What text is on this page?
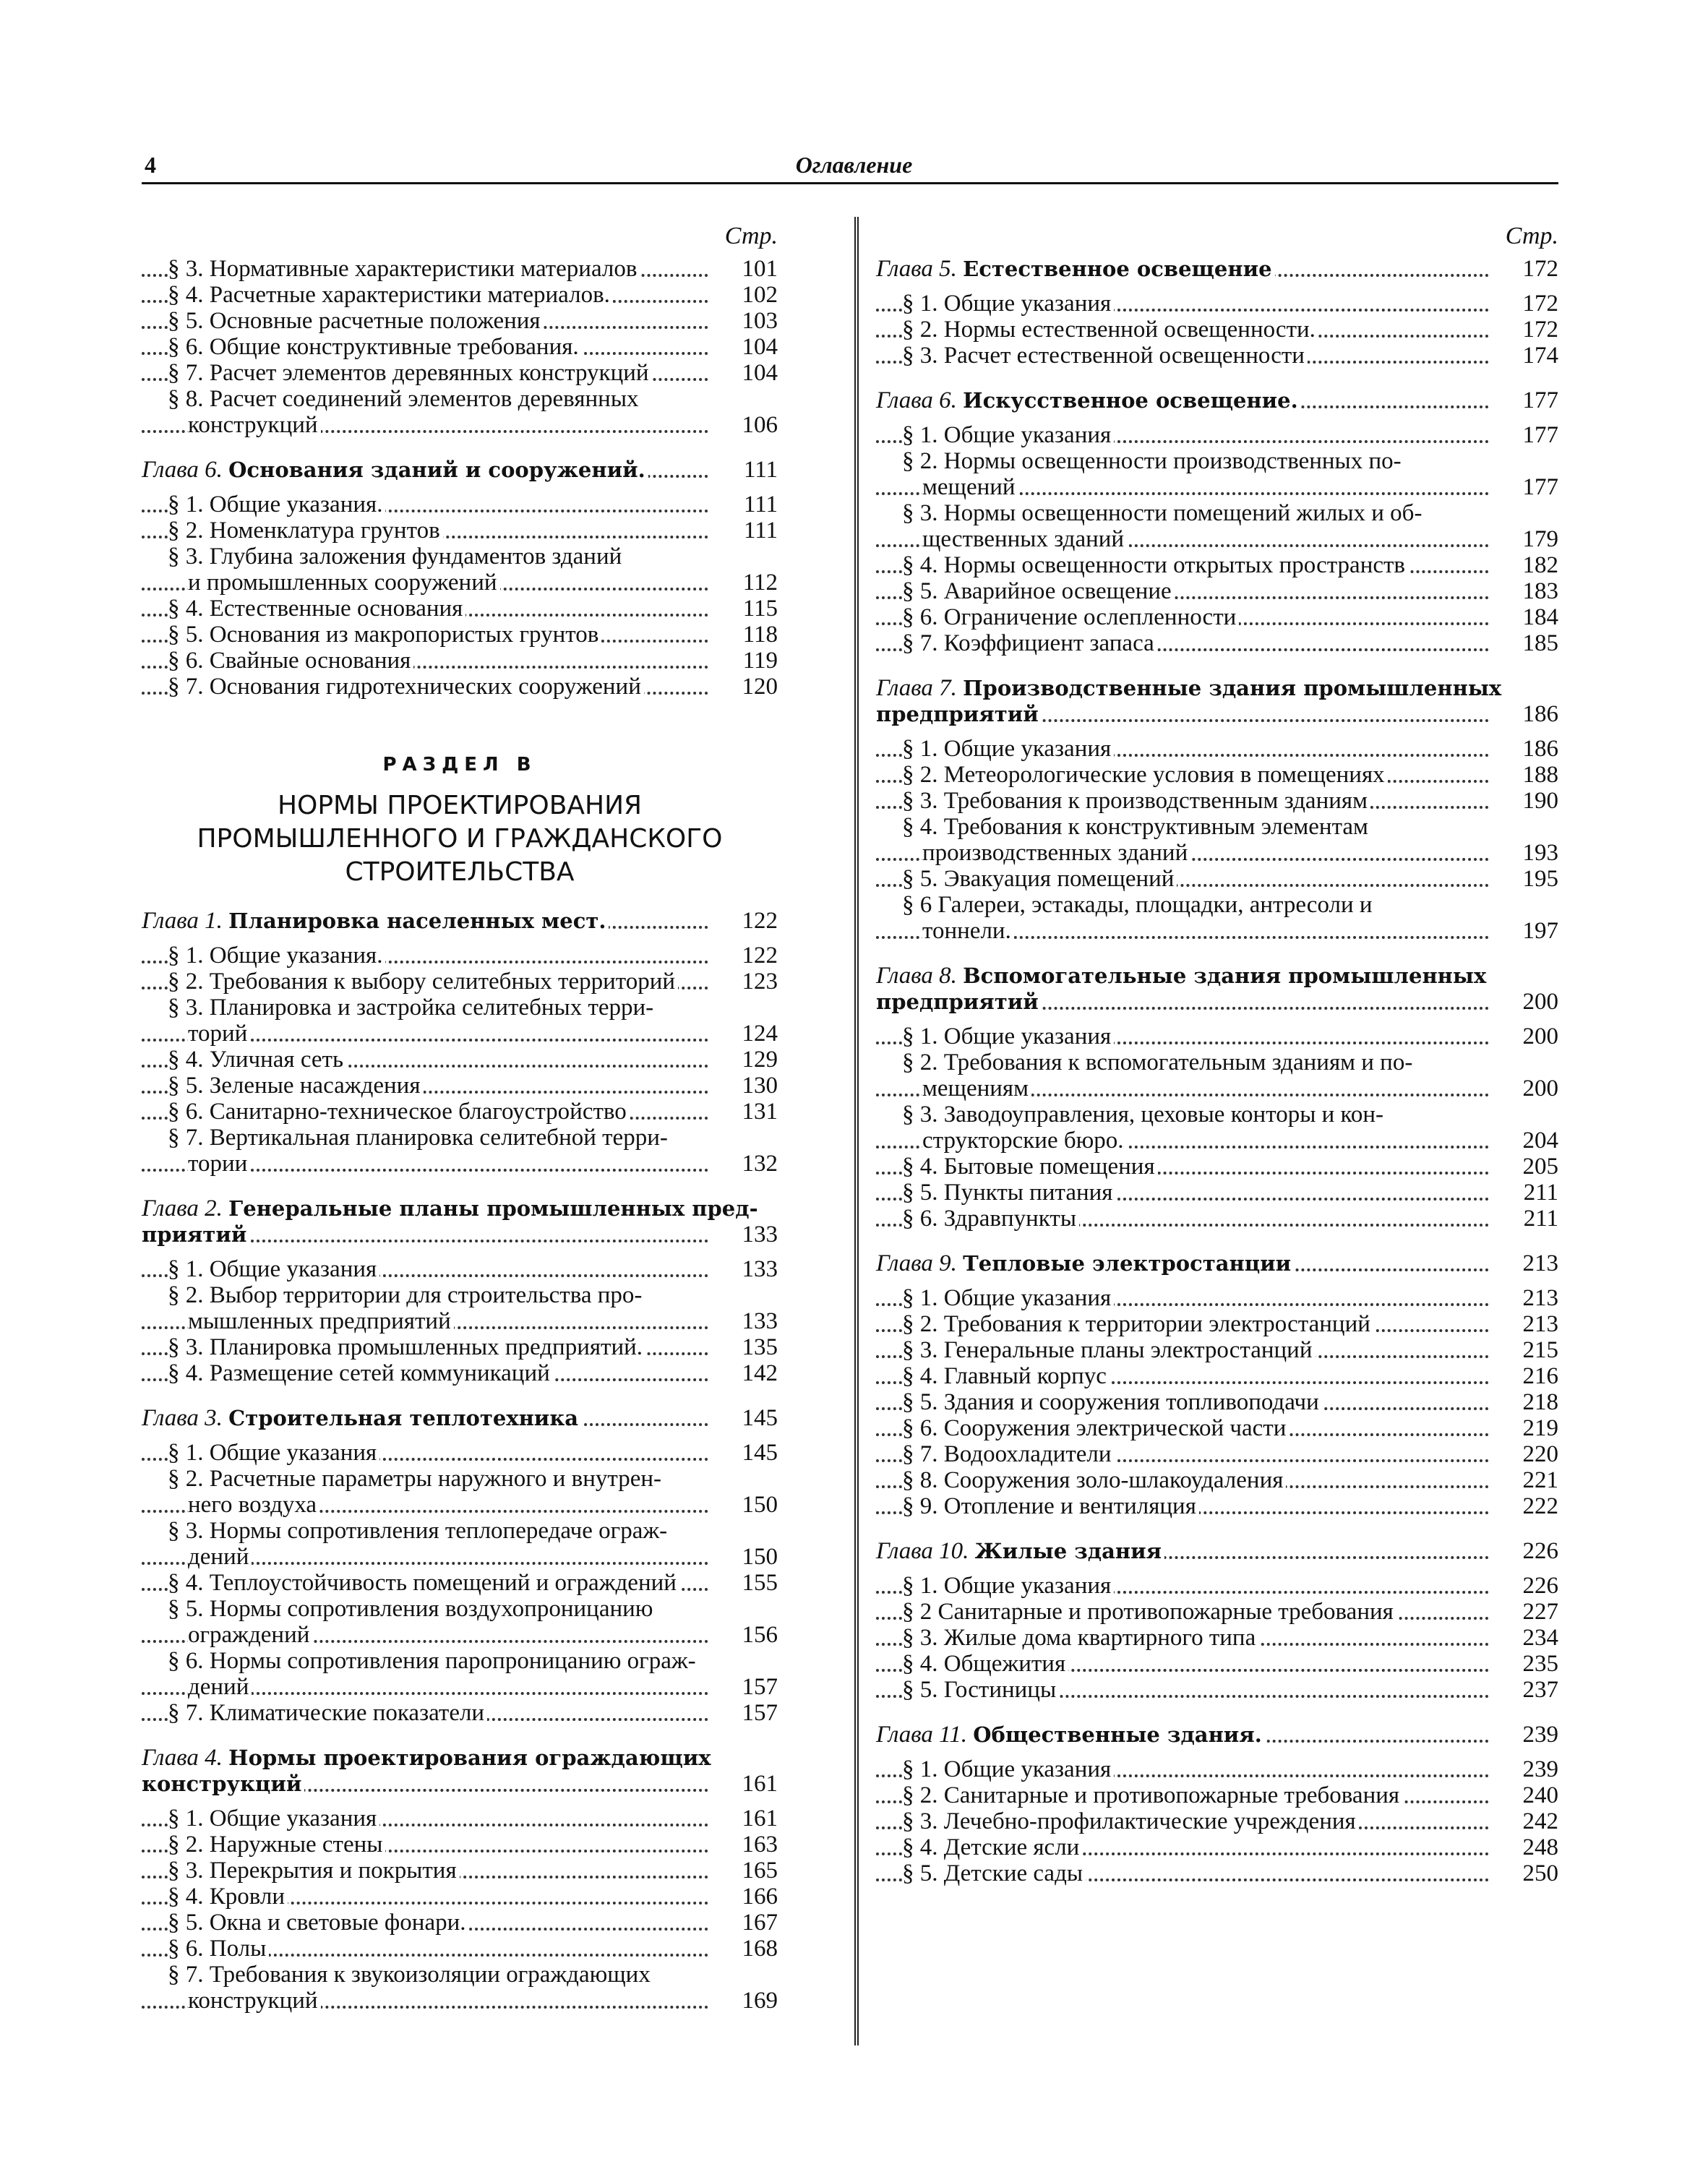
4	Оглавление
Стр.
§ 3. Нормативные характеристики материалов	101
§ 4. Расчетные характеристики материалов.	102
§ 5. Основные расчетные положения	103
§ 6. Общие конструктивные требования.	104
§ 7. Расчет элементов деревянных конструкций	104
§ 8. Расчет соединений элементов деревянных
конструкций	106
Глава 6. Основания зданий и сооружений.	111
§ 1. Общие указания.	111
§ 2. Номенклатура грунтов	111
§ 3. Глубина заложения фундаментов зданий
и промышленных сооружений	112
§ 4. Естественные основания	115
§ 5. Основания из макропористых грунтов	118
§ 6. Свайные основания	119
§ 7. Основания гидротехнических сооружений	120
РАЗДЕЛ В
НОРМЫ ПРОЕКТИРОВАНИЯ
ПРОМЫШЛЕННОГО И ГРАЖДАНСКОГО
СТРОИТЕЛЬСТВА
Глава 1. Планировка населенных мест.	122
§ 1. Общие указания.	122
§ 2. Требования к выбору селитебных территорий	123
§ 3. Планировка и застройка селитебных терри-
торий	124
§ 4. Уличная сеть	129
§ 5. Зеленые насаждения	130
§ 6. Санитарно-техническое благоустройство	131
§ 7. Вертикальная планировка селитебной терри-
тории	132
Глава 2. Генеральные планы промышленных пред-
приятий	133
§ 1. Общие указания	133
§ 2. Выбор территории для строительства про-
мышленных предприятий	133
§ 3. Планировка промышленных предприятий.	135
§ 4. Размещение сетей коммуникаций	142
Глава 3. Строительная теплотехника	145
§ 1. Общие указания	145
§ 2. Расчетные параметры наружного и внутрен-
него воздуха	150
§ 3. Нормы сопротивления теплопередаче ограж-
дений	150
§ 4. Теплоустойчивость помещений и ограждений	155
§ 5. Нормы сопротивления воздухопроницанию
ограждений	156
§ 6. Нормы сопротивления паропроницанию ограж-
дений	157
§ 7. Климатические показатели	157
Глава 4. Нормы проектирования ограждающих
конструкций	161
§ 1. Общие указания	161
§ 2. Наружные стены	163
§ 3. Перекрытия и покрытия	165
§ 4. Кровли	166
§ 5. Окна и световые фонари.	167
§ 6. Полы	168
§ 7. Требования к звукоизоляции ограждающих
конструкций	169
Стр.
Глава 5. Естественное освещение	172
§ 1. Общие указания	172
§ 2. Нормы естественной освещенности.	172
§ 3. Расчет естественной освещенности	174
Глава 6. Искусственное освещение.	177
§ 1. Общие указания	177
§ 2. Нормы освещенности производственных по-
мещений	177
§ 3. Нормы освещенности помещений жилых и об-
щественных зданий	179
§ 4. Нормы освещенности открытых пространств	182
§ 5. Аварийное освещение	183
§ 6. Ограничение ослепленности	184
§ 7. Коэффициент запаса	185
Глава 7. Производственные здания промышленных
предприятий	186
§ 1. Общие указания	186
§ 2. Метеорологические условия в помещениях	188
§ 3. Требования к производственным зданиям	190
§ 4. Требования к конструктивным элементам
производственных зданий	193
§ 5. Эвакуация помещений	195
§ 6 Галереи, эстакады, площадки, антресоли и
тоннели.	197
Глава 8. Вспомогательные здания промышленных
предприятий	200
§ 1. Общие указания	200
§ 2. Требования к вспомогательным зданиям и по-
мещениям	200
§ 3. Заводоуправления, цеховые конторы и кон-
структорские бюро.	204
§ 4. Бытовые помещения	205
§ 5. Пункты питания	211
§ 6. Здравпункты	211
Глава 9. Тепловые электростанции	213
§ 1. Общие указания	213
§ 2. Требования к территории электростанций	213
§ 3. Генеральные планы электростанций	215
§ 4. Главный корпус	216
§ 5. Здания и сооружения топливоподачи	218
§ 6. Сооружения электрической части	219
§ 7. Водоохладители	220
§ 8. Сооружения золо-шлакоудаления	221
§ 9. Отопление и вентиляция	222
Глава 10. Жилые здания	226
§ 1. Общие указания	226
§ 2 Санитарные и противопожарные требования	227
§ 3. Жилые дома квартирного типа	234
§ 4. Общежития	235
§ 5. Гостиницы	237
Глава 11. Общественные здания.	239
§ 1. Общие указания	239
§ 2. Санитарные и противопожарные требования	240
§ 3. Лечебно-профилактические учреждения	242
§ 4. Детские ясли	248
§ 5. Детские сады	250
